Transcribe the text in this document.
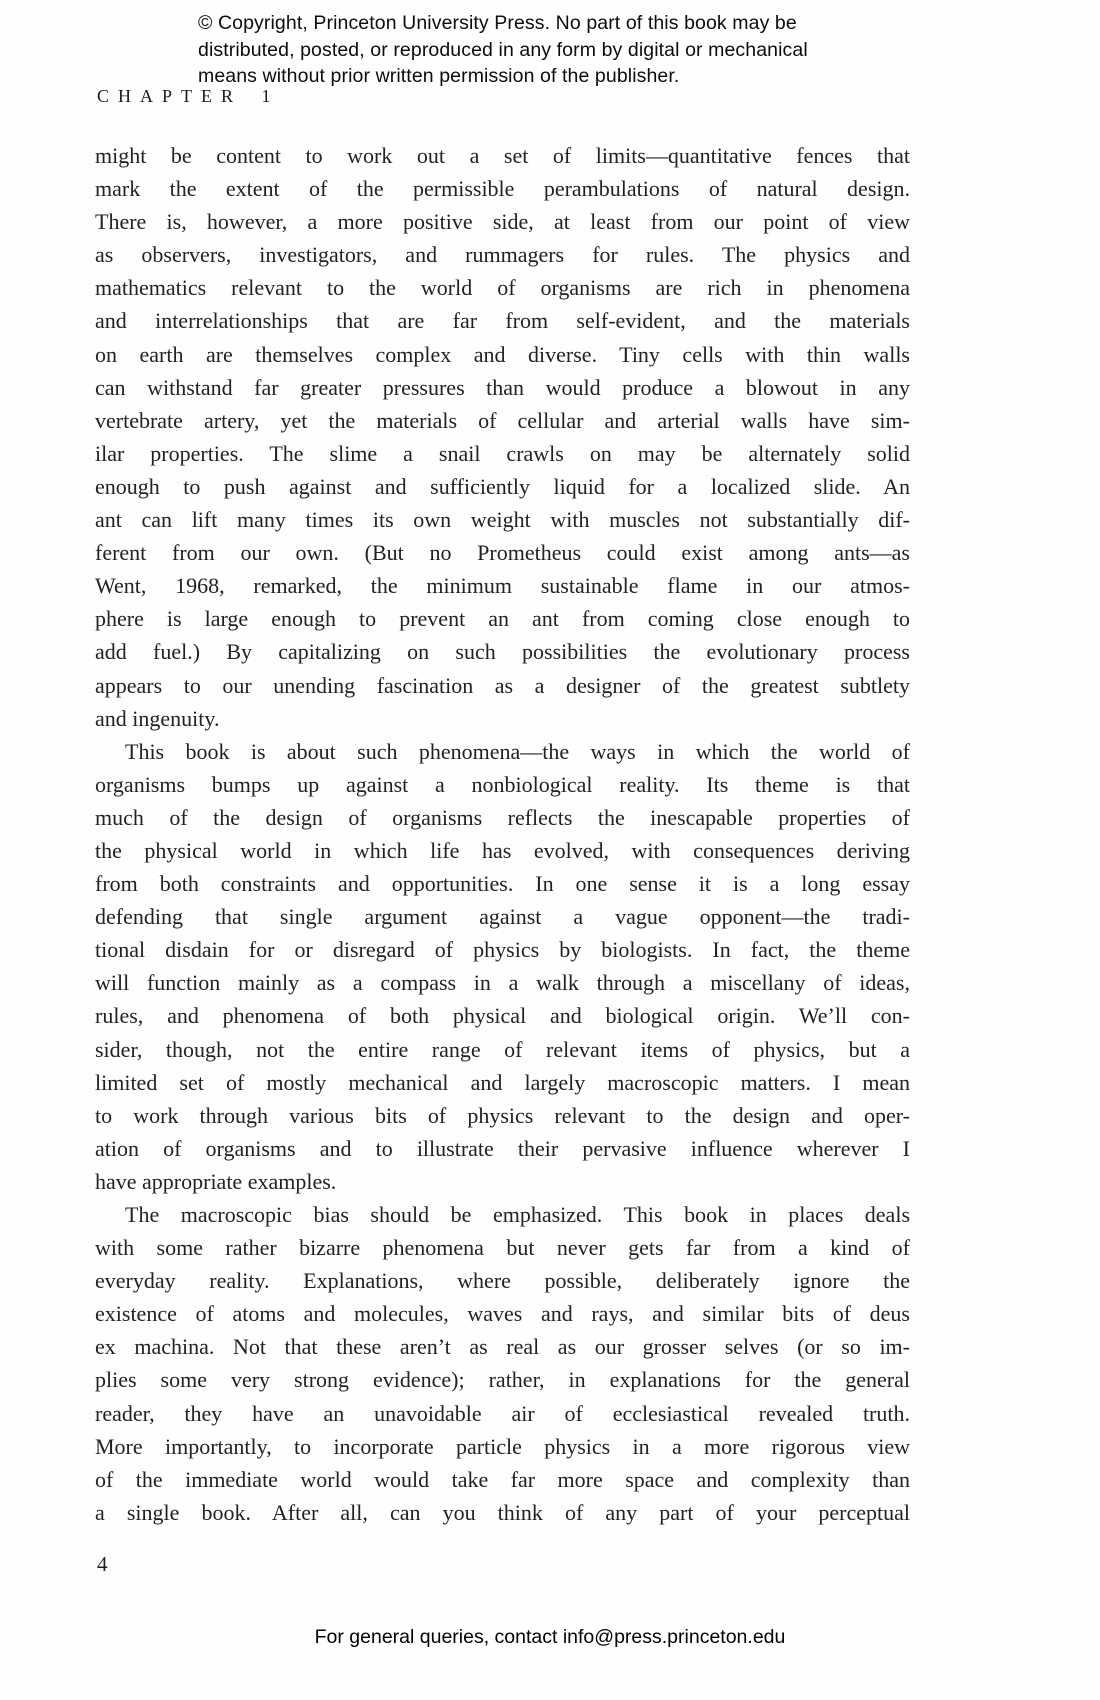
© Copyright, Princeton University Press. No part of this book may be
distributed, posted, or reproduced in any form by digital or mechanical
means without prior written permission of the publisher.
CHAPTER 1
might be content to work out a set of limits—quantitative fences that
mark the extent of the permissible perambulations of natural design.
There is, however, a more positive side, at least from our point of view
as observers, investigators, and rummagers for rules. The physics and
mathematics relevant to the world of organisms are rich in phenomena
and interrelationships that are far from self-evident, and the materials
on earth are themselves complex and diverse. Tiny cells with thin walls
can withstand far greater pressures than would produce a blowout in any
vertebrate artery, yet the materials of cellular and arterial walls have sim-
ilar properties. The slime a snail crawls on may be alternately solid
enough to push against and sufficiently liquid for a localized slide. An
ant can lift many times its own weight with muscles not substantially dif-
ferent from our own. (But no Prometheus could exist among ants—as
Went, 1968, remarked, the minimum sustainable flame in our atmos-
phere is large enough to prevent an ant from coming close enough to
add fuel.) By capitalizing on such possibilities the evolutionary process
appears to our unending fascination as a designer of the greatest subtlety
and ingenuity.
This book is about such phenomena—the ways in which the world of
organisms bumps up against a nonbiological reality. Its theme is that
much of the design of organisms reflects the inescapable properties of
the physical world in which life has evolved, with consequences deriving
from both constraints and opportunities. In one sense it is a long essay
defending that single argument against a vague opponent—the tradi-
tional disdain for or disregard of physics by biologists. In fact, the theme
will function mainly as a compass in a walk through a miscellany of ideas,
rules, and phenomena of both physical and biological origin. We’ll con-
sider, though, not the entire range of relevant items of physics, but a
limited set of mostly mechanical and largely macroscopic matters. I mean
to work through various bits of physics relevant to the design and oper-
ation of organisms and to illustrate their pervasive influence wherever I
have appropriate examples.
The macroscopic bias should be emphasized. This book in places deals
with some rather bizarre phenomena but never gets far from a kind of
everyday reality. Explanations, where possible, deliberately ignore the
existence of atoms and molecules, waves and rays, and similar bits of deus
ex machina. Not that these aren’t as real as our grosser selves (or so im-
plies some very strong evidence); rather, in explanations for the general
reader, they have an unavoidable air of ecclesiastical revealed truth.
More importantly, to incorporate particle physics in a more rigorous view
of the immediate world would take far more space and complexity than
a single book. After all, can you think of any part of your perceptual
4
For general queries, contact info@press.princeton.edu
